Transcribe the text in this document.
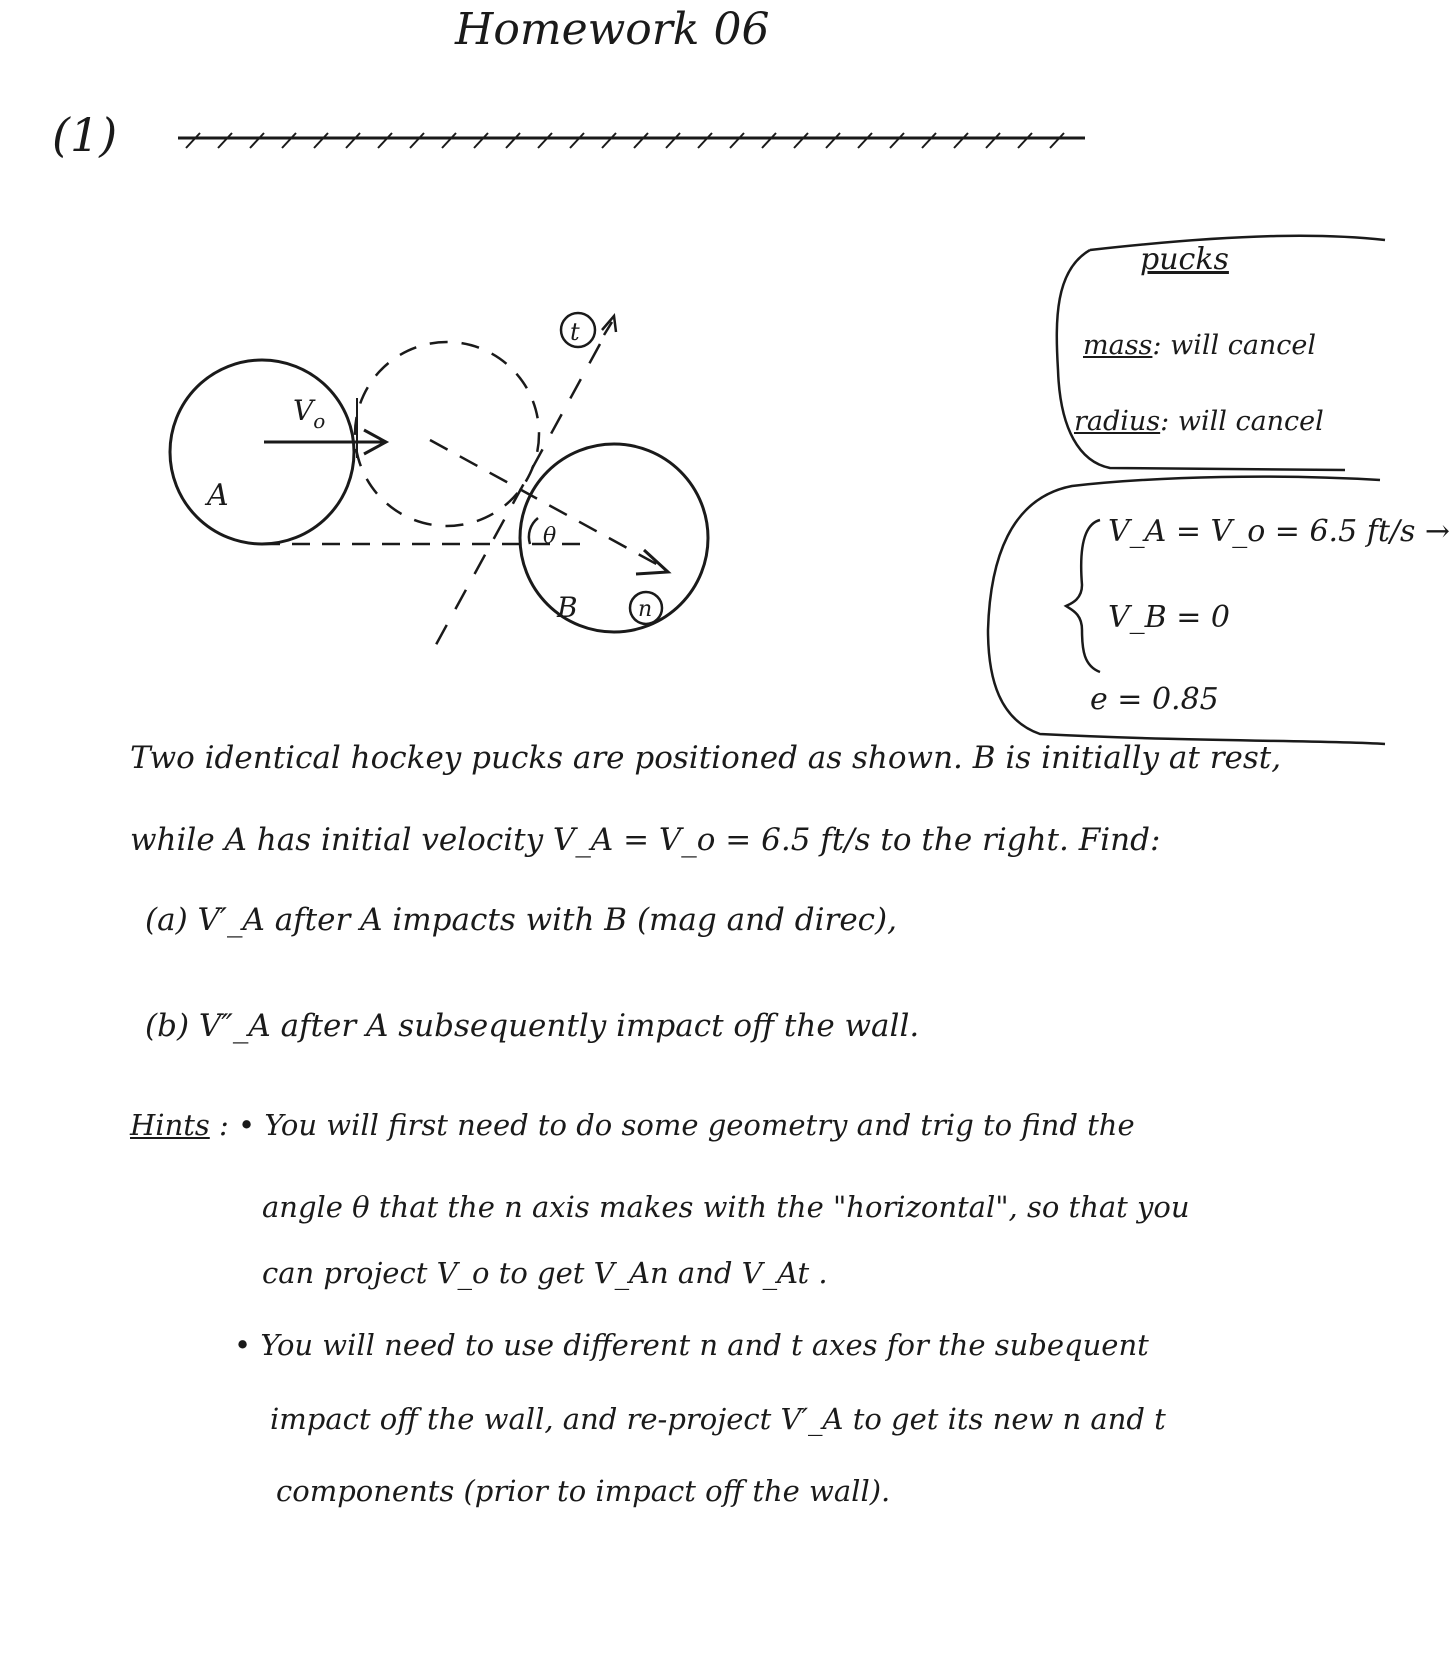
Homework 06
(1)
A
$V_o$
t
θ
B	n
pucks
mass: will cancel
radius: will cancel
V_A = V_o = 6.5 ft/s →
V_B = 0
e = 0.85
Two identical hockey pucks are positioned as shown. B is initially at rest,
while A has initial velocity V_A = V_o = 6.5 ft/s to the right. Find:
(a) V′_A after A impacts with B (mag and direc),
(b) V″_A after A subsequently impact off the wall.
Hints : • You will first need to do some geometry and trig to find the
angle θ that the n axis makes with the "horizontal", so that you
can project V_o to get V_An and V_At .
• You will need to use different n and t axes for the subequent
impact off the wall, and re-project V′_A to get its new n and t
components (prior to impact off the wall).
